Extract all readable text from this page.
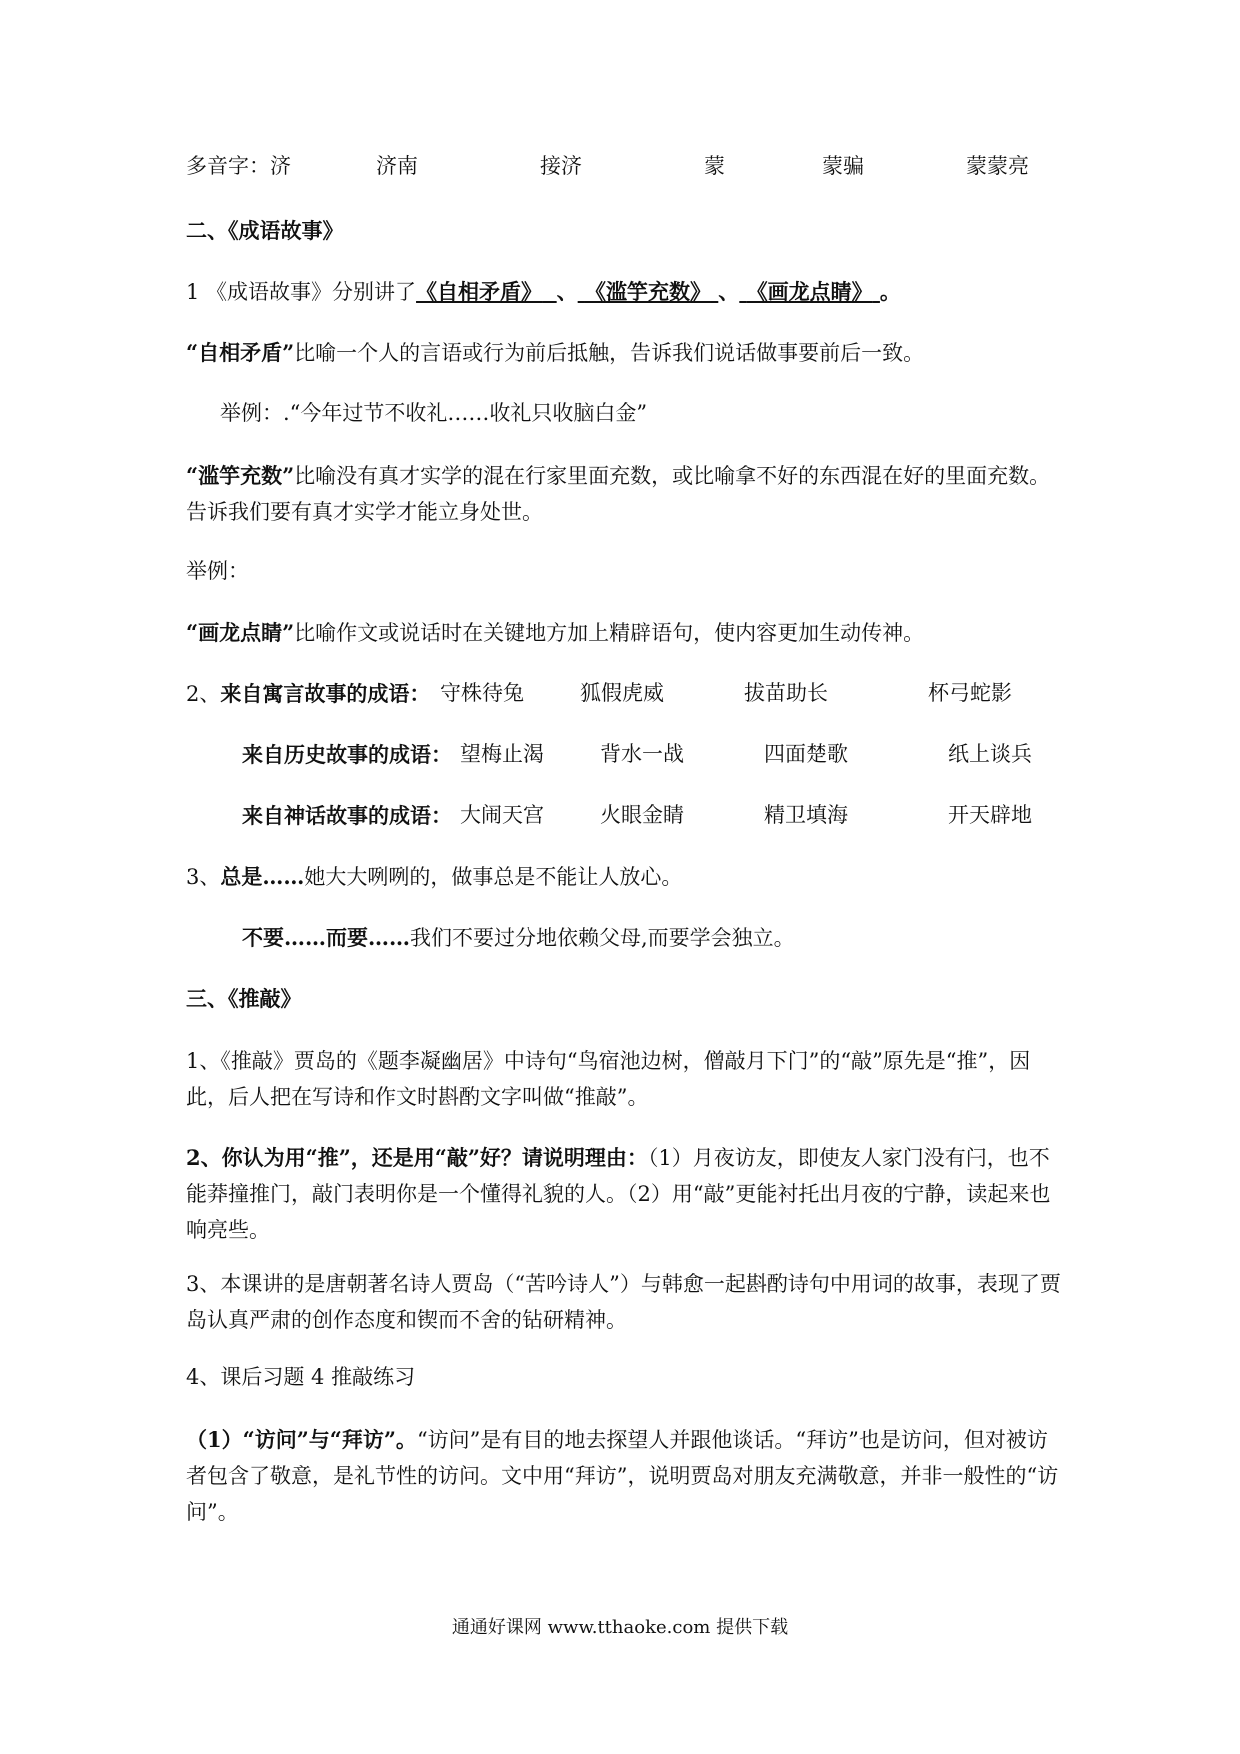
多音字：济	济南	接济	蒙	蒙骗	蒙蒙亮
二、《成语故事》
1 《成语故事》分别讲了《自相矛盾》 、 《滥竽充数》 、 《画龙点睛》 。
“自相矛盾”比喻一个人的言语或行为前后抵触，告诉我们说话做事要前后一致。
举例：.“今年过节不收礼……收礼只收脑白金”
“滥竽充数”比喻没有真才实学的混在行家里面充数，或比喻拿不好的东西混在好的里面充数。告诉我们要有真才实学才能立身处世。
举例：
“画龙点睛”比喻作文或说话时在关键地方加上精辟语句，使内容更加生动传神。
2、来自寓言故事的成语： 守株待兔	狐假虎威	拔苗助长	杯弓蛇影
来自历史故事的成语： 望梅止渴	背水一战	四面楚歌	纸上谈兵
来自神话故事的成语： 大闹天宫	火眼金睛	精卫填海	开天辟地
3、总是……她大大咧咧的，做事总是不能让人放心。
不要……而要……我们不要过分地依赖父母,而要学会独立。
三、《推敲》
1、《推敲》贾岛的《题李凝幽居》中诗句“鸟宿池边树，僧敲月下门”的“敲”原先是“推”，因此，后人把在写诗和作文时斟酌文字叫做“推敲”。
2、你认为用“推”，还是用“敲”好？请说明理由：（1）月夜访友，即使友人家门没有闩，也不能莽撞推门，敲门表明你是一个懂得礼貌的人。（2）用“敲”更能衬托出月夜的宁静，读起来也响亮些。
3、本课讲的是唐朝著名诗人贾岛（“苦吟诗人”）与韩愈一起斟酌诗句中用词的故事，表现了贾岛认真严肃的创作态度和锲而不舍的钻研精神。
4、课后习题 4 推敲练习
（1）“访问”与“拜访”。“访问”是有目的地去探望人并跟他谈话。“拜访”也是访问，但对被访者包含了敬意，是礼节性的访问。文中用“拜访”，说明贾岛对朋友充满敬意，并非一般性的“访问”。
通通好课网 www.tthaoke.com 提供下载
